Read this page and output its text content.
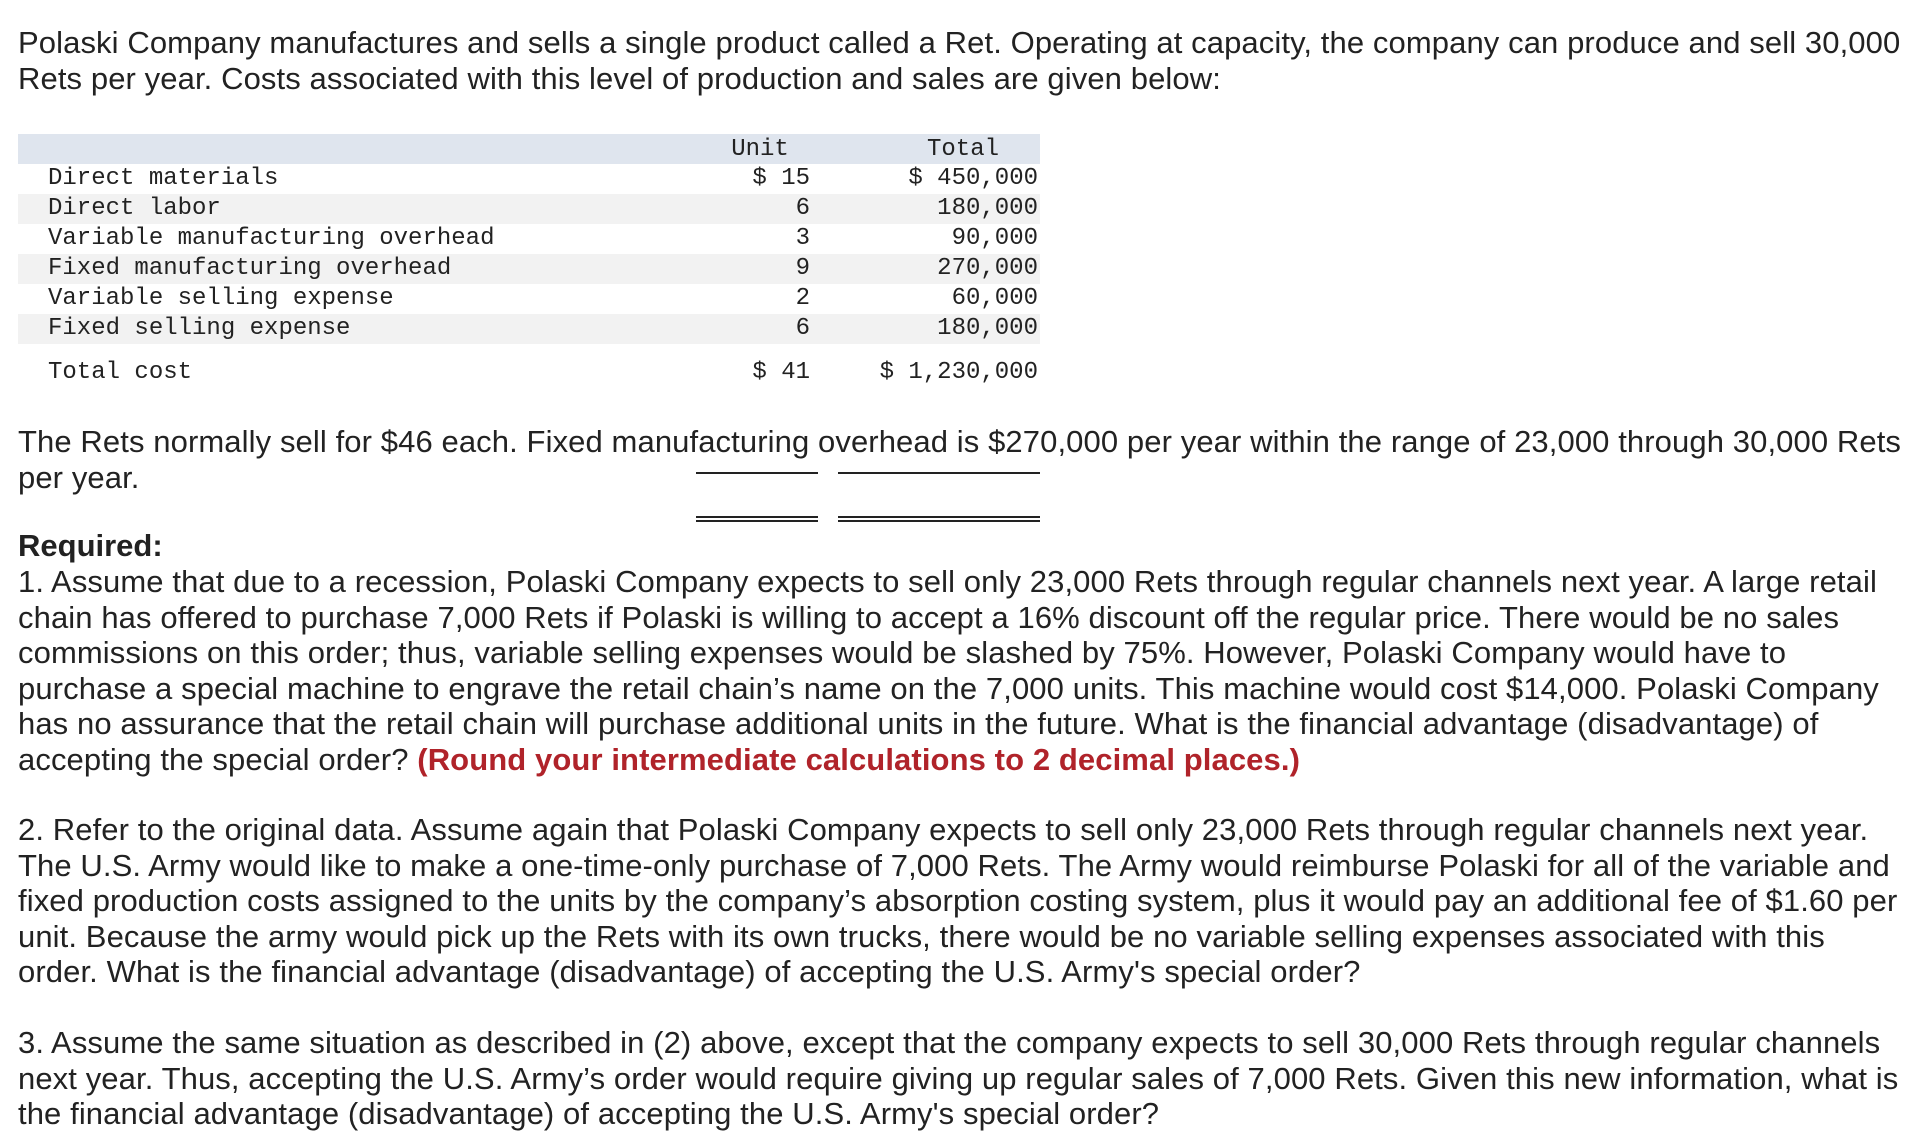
Polaski Company manufactures and sells a single product called a Ret. Operating at capacity, the company can produce and sell 30,000 Rets per year. Costs associated with this level of production and sales are given below:

Unit	Total
Direct materials	$ 15	$ 450,000
Direct labor	6	180,000
Variable manufacturing overhead	3	90,000
Fixed manufacturing overhead	9	270,000
Variable selling expense	2	60,000
Fixed selling expense	6	180,000
Total cost	$ 41	$ 1,230,000

The Rets normally sell for $46 each. Fixed manufacturing overhead is $270,000 per year within the range of 23,000 through 30,000 Rets per year.

Required:

1. Assume that due to a recession, Polaski Company expects to sell only 23,000 Rets through regular channels next year. A large retail chain has offered to purchase 7,000 Rets if Polaski is willing to accept a 16% discount off the regular price. There would be no sales commissions on this order; thus, variable selling expenses would be slashed by 75%. However, Polaski Company would have to purchase a special machine to engrave the retail chain’s name on the 7,000 units. This machine would cost $14,000. Polaski Company has no assurance that the retail chain will purchase additional units in the future. What is the financial advantage (disadvantage) of accepting the special order? (Round your intermediate calculations to 2 decimal places.)

2. Refer to the original data. Assume again that Polaski Company expects to sell only 23,000 Rets through regular channels next year. The U.S. Army would like to make a one-time-only purchase of 7,000 Rets. The Army would reimburse Polaski for all of the variable and fixed production costs assigned to the units by the company’s absorption costing system, plus it would pay an additional fee of $1.60 per unit. Because the army would pick up the Rets with its own trucks, there would be no variable selling expenses associated with this order. What is the financial advantage (disadvantage) of accepting the U.S. Army's special order?

3. Assume the same situation as described in (2) above, except that the company expects to sell 30,000 Rets through regular channels next year. Thus, accepting the U.S. Army’s order would require giving up regular sales of 7,000 Rets. Given this new information, what is the financial advantage (disadvantage) of accepting the U.S. Army's special order?
